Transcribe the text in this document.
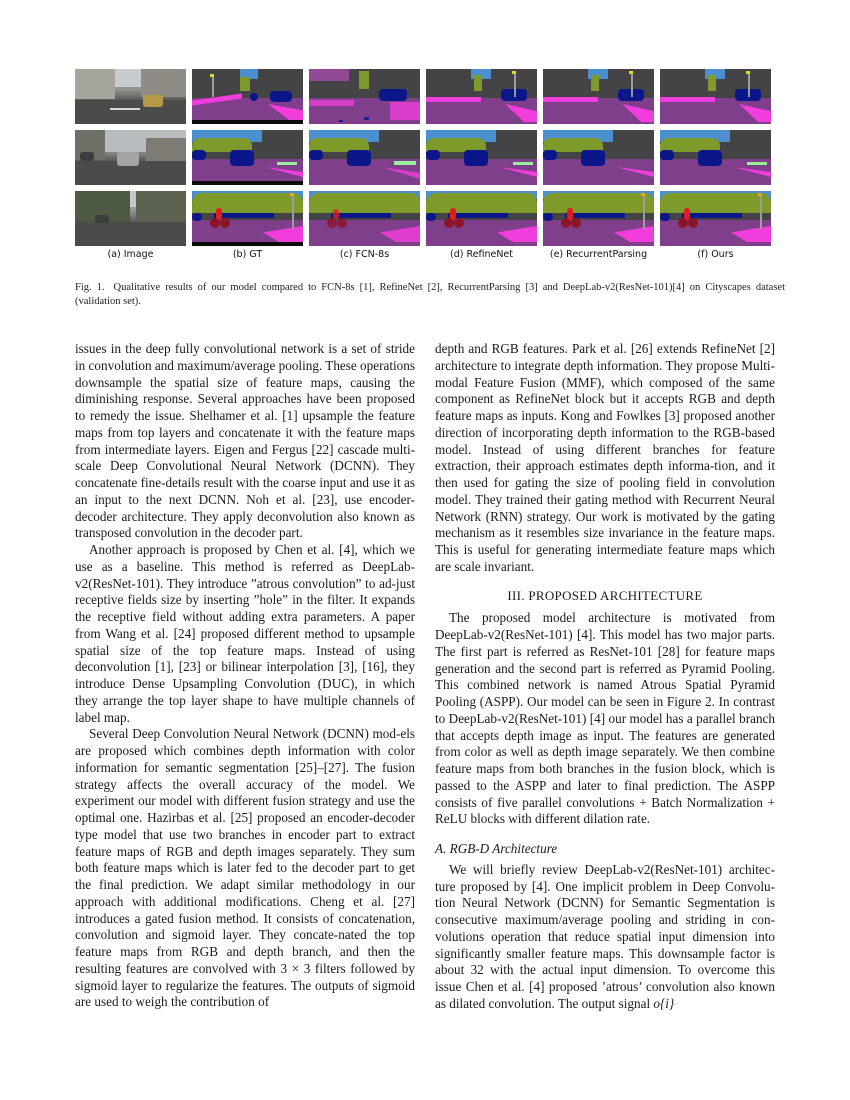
(a) Image	(b) GT	(c) FCN-8s	(d) RefineNet	(e) RecurrentParsing	(f) Ours
Fig. 1. Qualitative results of our model compared to FCN-8s [1], RefineNet [2], RecurrentParsing [3] and DeepLab-v2(ResNet-101)[4] on Cityscapes dataset (validation set).

issues in the deep fully convolutional network is a set of stride in convolution and maximum/average pooling. These operations downsample the spatial size of feature maps, causing the diminishing response. Several approaches have been proposed to remedy the issue. Shelhamer et al. [1] upsample the feature maps from top layers and concatenate it with the feature maps from intermediate layers. Eigen and Fergus [22] cascade multi-scale Deep Convolutional Neural Network (DCNN). They concatenate fine-details result with the coarse input and use it as an input to the next DCNN. Noh et al. [23], use encoder-decoder architecture. They apply deconvolution also known as transposed convolution in the decoder part.

Another approach is proposed by Chen et al. [4], which we use as a baseline. This method is referred as DeepLab-v2(ResNet-101). They introduce ”atrous convolution” to ad-just receptive fields size by inserting ”hole” in the filter. It expands the receptive field without adding extra parameters. A paper from Wang et al. [24] proposed different method to upsample spatial size of the top feature maps. Instead of using deconvolution [1], [23] or bilinear interpolation [3], [16], they introduce Dense Upsampling Convolution (DUC), in which they arrange the top layer shape to have multiple channels of label map.

Several Deep Convolution Neural Network (DCNN) mod-els are proposed which combines depth information with color information for semantic segmentation [25]–[27]. The fusion strategy affects the overall accuracy of the model. We experiment our model with different fusion strategy and use the optimal one. Hazirbas et al. [25] proposed an encoder-decoder type model that use two branches in encoder part to extract feature maps of RGB and depth images separately. They sum both feature maps which is later fed to the decoder part to get the final prediction. We adapt similar methodology in our approach with additional modifications. Cheng et al. [27] introduces a gated fusion method. It consists of concatenation, convolution and sigmoid layer. They concate-nated the top feature maps from RGB and depth branch, and then the resulting features are convolved with 3 × 3 filters followed by sigmoid layer to regularize the features. The outputs of sigmoid are used to weigh the contribution of

depth and RGB features. Park et al. [26] extends RefineNet [2] architecture to integrate depth information. They propose Multi-modal Feature Fusion (MMF), which composed of the same component as RefineNet block but it accepts RGB and depth feature maps as inputs. Kong and Fowlkes [3] proposed another direction of incorporating depth information to the RGB-based model. Instead of using different branches for feature extraction, their approach estimates depth informa-tion, and it then used for gating the size of pooling field in convolution model. They trained their gating method with Recurrent Neural Network (RNN) strategy. Our work is motivated by the gating mechanism as it resembles size invariance in the feature maps. This is useful for generating intermediate feature maps which are scale invariant.

III. PROPOSED ARCHITECTURE

The proposed model architecture is motivated from DeepLab-v2(ResNet-101) [4]. This model has two major parts. The first part is referred as ResNet-101 [28] for feature maps generation and the second part is referred as Pyramid Pooling. This combined network is named Atrous Spatial Pyramid Pooling (ASPP). Our model can be seen in Figure 2. In contrast to DeepLab-v2(ResNet-101) [4] our model has a parallel branch that accepts depth image as input. The features are generated from color as well as depth image separately. We then combine feature maps from both branches in the fusion block, which is passed to the ASPP and later to final prediction. The ASPP consists of five parallel convolutions + Batch Normalization + ReLU blocks with different dilation rate.

A. RGB-D Architecture

We will briefly review DeepLab-v2(ResNet-101) architec-ture proposed by [4]. One implicit problem in Deep Convolu-tion Neural Network (DCNN) for Semantic Segmentation is consecutive maximum/average pooling and striding in con-volutions operation that reduce spatial input dimension into significantly smaller feature maps. This downsample factor is about 32 with the actual input dimension. To overcome this issue Chen et al. [4] proposed ’atrous’ convolution also known as dilated convolution. The output signal o{i}
